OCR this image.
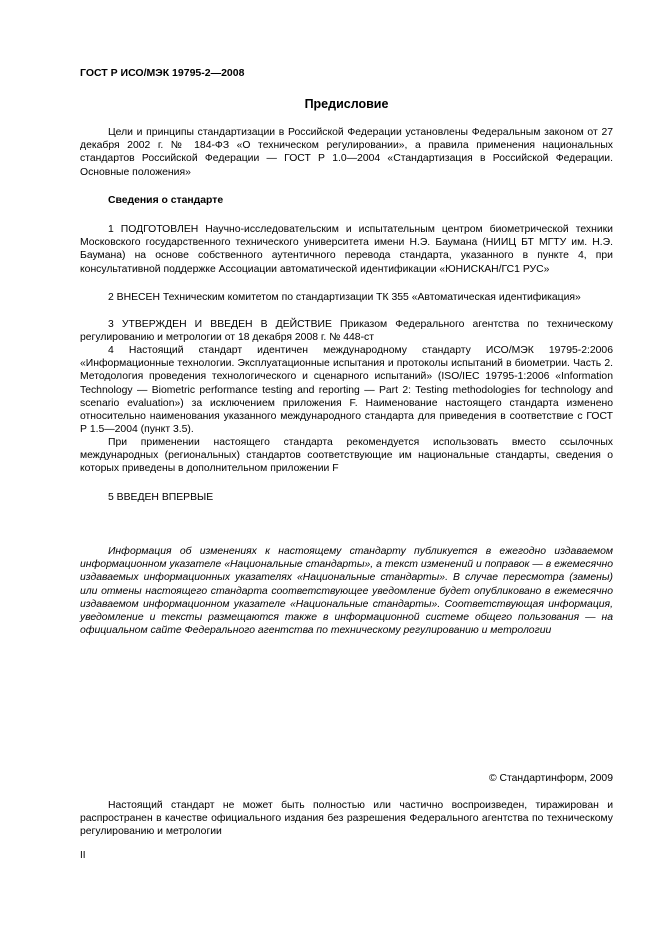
ГОСТ Р ИСО/МЭК 19795-2—2008
Предисловие

Цели и принципы стандартизации в Российской Федерации установлены Федеральным законом от 27 декабря 2002 г. № 184-ФЗ «О техническом регулировании», а правила применения национальных стандартов Российской Федерации — ГОСТ Р 1.0—2004 «Стандартизация в Российской Федерации. Основные положения»

Сведения о стандарте

1 ПОДГОТОВЛЕН Научно-исследовательским и испытательным центром биометрической техники Московского государственного технического университета имени Н.Э. Баумана (НИИЦ БТ МГТУ им. Н.Э. Баумана) на основе собственного аутентичного перевода стандарта, указанного в пункте 4, при консультативной поддержке Ассоциации автоматической идентификации «ЮНИСКАН/ГС1 РУС»

2 ВНЕСЕН Техническим комитетом по стандартизации ТК 355 «Автоматическая идентификация»

3 УТВЕРЖДЕН И ВВЕДЕН В ДЕЙСТВИЕ Приказом Федерального агентства по техническому регулированию и метрологии от 18 декабря 2008 г. № 448-ст

4 Настоящий стандарт идентичен международному стандарту ИСО/МЭК 19795-2:2006 «Информационные технологии. Эксплуатационные испытания и протоколы испытаний в биометрии. Часть 2. Методология проведения технологического и сценарного испытаний» (ISO/IEC 19795-1:2006 «Information Technology — Biometric performance testing and reporting — Part 2: Testing methodologies for technology and scenario evaluation») за исключением приложения F. Наименование настоящего стандарта изменено относительно наименования указанного международного стандарта для приведения в соответствие с ГОСТ Р 1.5—2004 (пункт 3.5).

При применении настоящего стандарта рекомендуется использовать вместо ссылочных международных (региональных) стандартов соответствующие им национальные стандарты, сведения о которых приведены в дополнительном приложении F

5 ВВЕДЕН ВПЕРВЫЕ

Информация об изменениях к настоящему стандарту публикуется в ежегодно издаваемом информационном указателе «Национальные стандарты», а текст изменений и поправок — в ежемесячно издаваемых информационных указателях «Национальные стандарты». В случае пересмотра (замены) или отмены настоящего стандарта соответствующее уведомление будет опубликовано в ежемесячно издаваемом информационном указателе «Национальные стандарты». Соответствующая информация, уведомление и тексты размещаются также в информационной системе общего пользования — на официальном сайте Федерального агентства по техническому регулированию и метрологии

© Стандартинформ, 2009

Настоящий стандарт не может быть полностью или частично воспроизведен, тиражирован и распространен в качестве официального издания без разрешения Федерального агентства по техническому регулированию и метрологии

II
